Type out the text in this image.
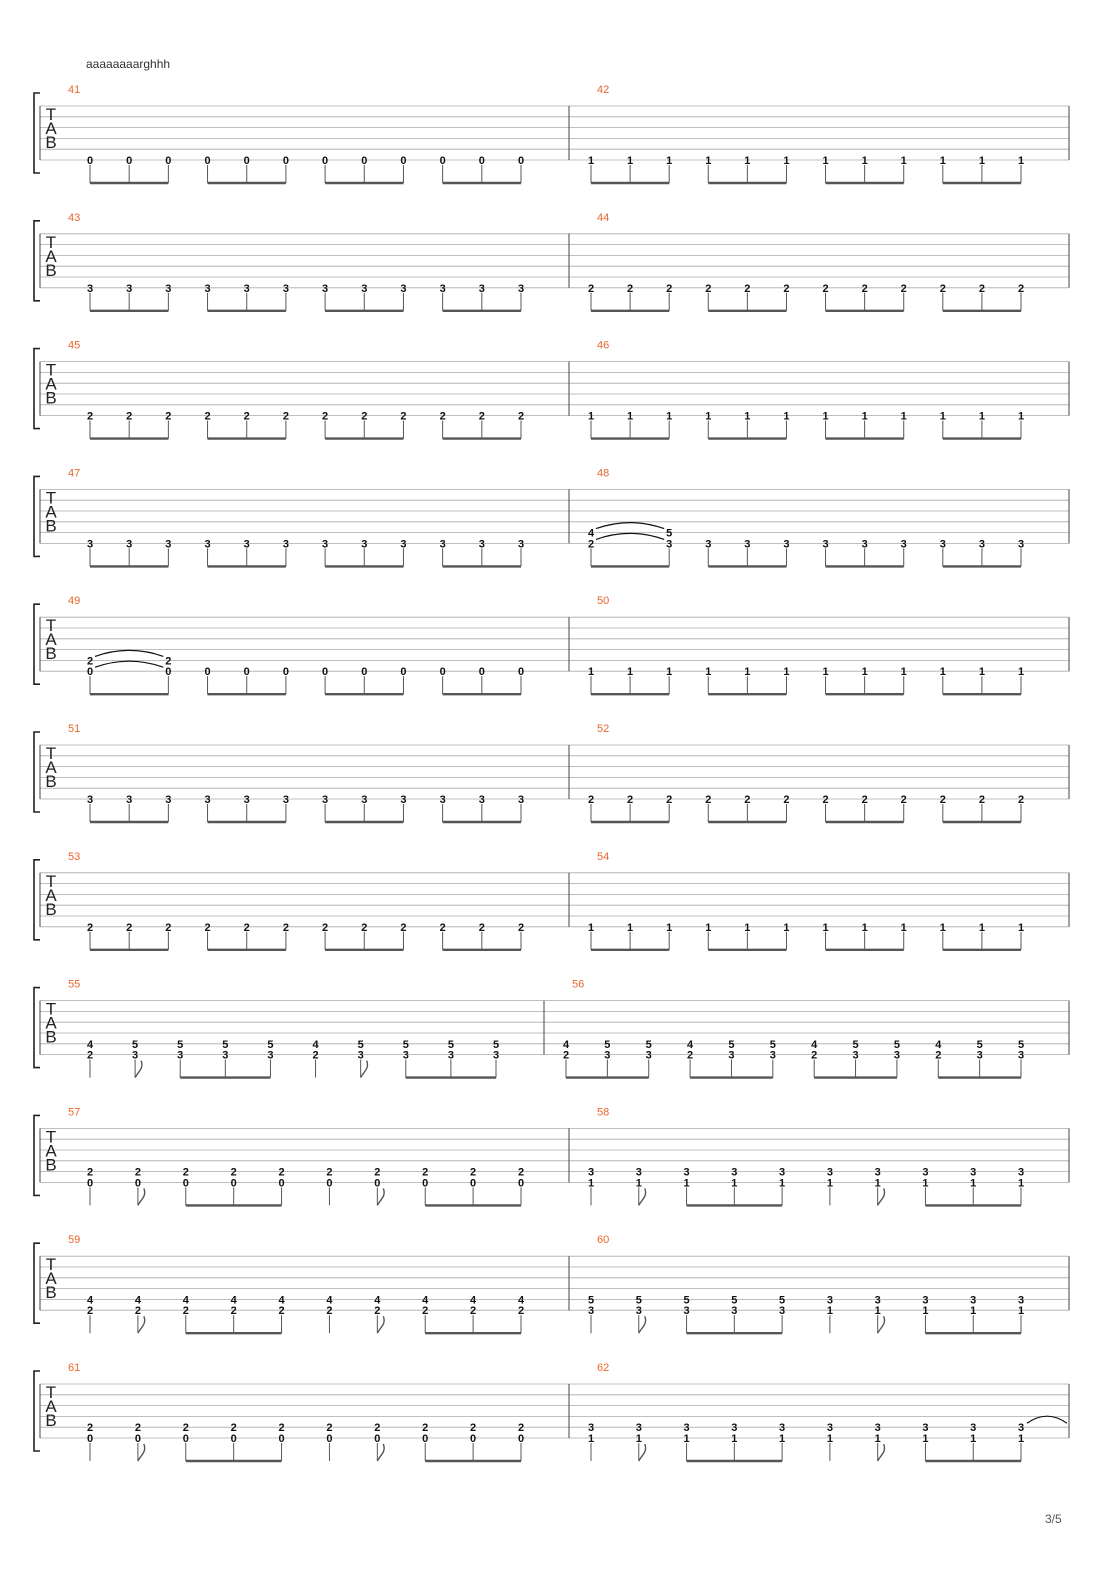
aaaaaaaarghhh
T
A
B
41
0	0	0	0	0	0	0	0	0	0	0	0
42
1	1	1	1	1	1	1	1	1	1	1	1
T
A
B
43
3	3	3	3	3	3	3	3	3	3	3	3
44
2	2	2	2	2	2	2	2	2	2	2	2
T
A
B
45
2	2	2	2	2	2	2	2	2	2	2	2
46
1	1	1	1	1	1	1	1	1	1	1	1
T
A
B
47
3	3	3	3	3	3	3	3	3	3	3	3
48
4
2
5
3	3	3	3	3	3	3	3	3	3
T
A
B
49
2
0
2
0	0	0	0	0	0	0	0	0	0
50
1	1	1	1	1	1	1	1	1	1	1	1
T
A
B
51
3	3	3	3	3	3	3	3	3	3	3	3
52
2	2	2	2	2	2	2	2	2	2	2	2
T
A
B
53
2	2	2	2	2	2	2	2	2	2	2	2
54
1	1	1	1	1	1	1	1	1	1	1	1
T
A
B
55
4
2
5
3
5
3
5
3
5
3
4
2
5
3
5
3
5
3
5
3
56
4
2
5
3
5
3
4
2
5
3
5
3
4
2
5
3
5
3
4
2
5
3
5
3
T
A
B
57
2
0
2
0
2
0
2
0
2
0
2
0
2
0
2
0
2
0
2
0
58
3
1
3
1
3
1
3
1
3
1
3
1
3
1
3
1
3
1
3
1
T
A
B
59
4
2
4
2
4
2
4
2
4
2
4
2
4
2
4
2
4
2
4
2
60
5
3
5
3
5
3
5
3
5
3
3
1
3
1
3
1
3
1
3
1
T
A
B
61
2
0
2
0
2
0
2
0
2
0
2
0
2
0
2
0
2
0
2
0
62
3
1
3
1
3
1
3
1
3
1
3
1
3
1
3
1
3
1
3
1
3/5
